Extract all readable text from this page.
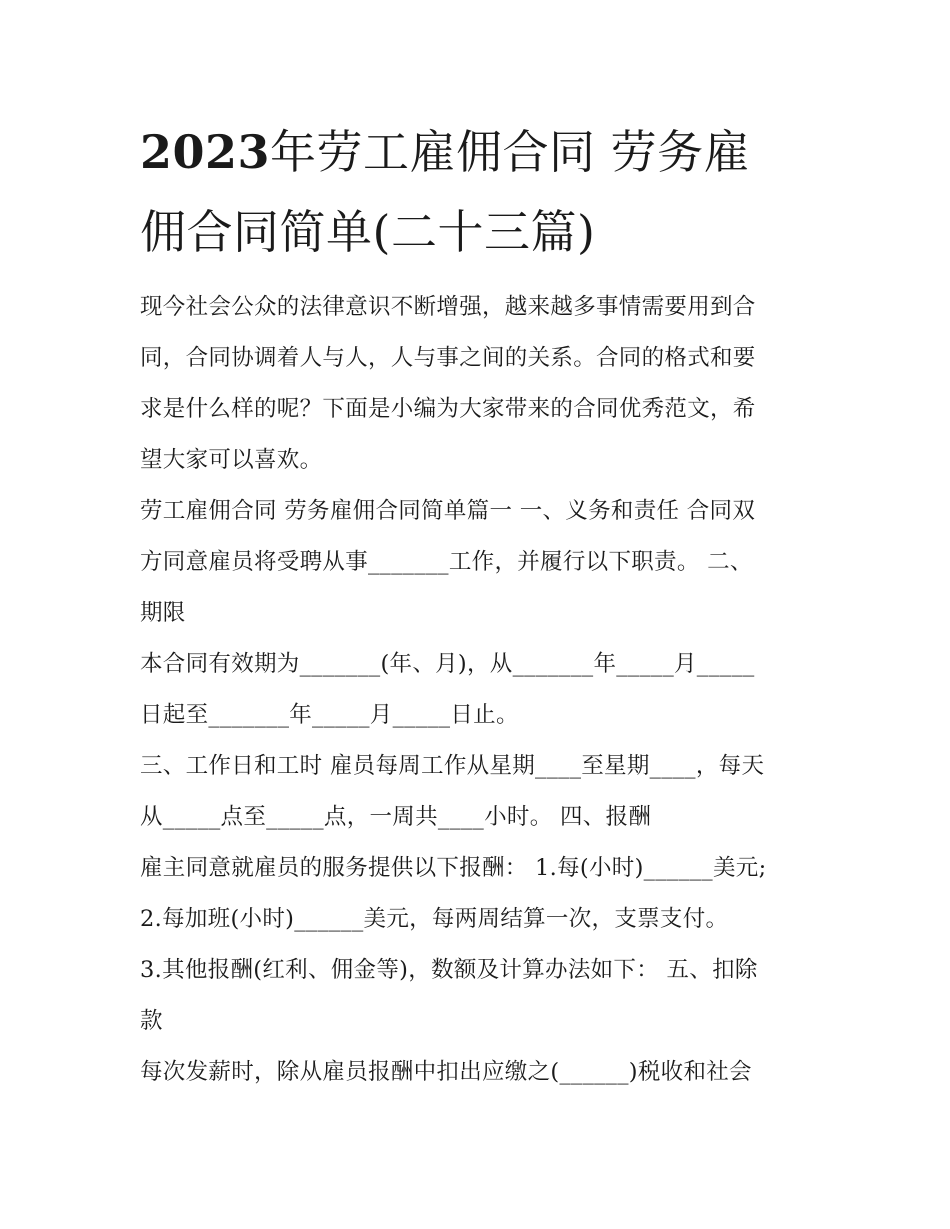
2023年劳工雇佣合同 劳务雇
佣合同简单(二十三篇)
现今社会公众的法律意识不断增强，越来越多事情需要用到合
同，合同协调着人与人，人与事之间的关系。合同的格式和要
求是什么样的呢？下面是小编为大家带来的合同优秀范文，希
望大家可以喜欢。
劳工雇佣合同 劳务雇佣合同简单篇一 一、义务和责任 合同双
方同意雇员将受聘从事_______工作，并履行以下职责。 二、
期限
本合同有效期为_______(年、月)，从_______年_____月_____
日起至_______年_____月_____日止。
三、工作日和工时 雇员每周工作从星期____至星期____，每天
从_____点至_____点，一周共____小时。 四、报酬
雇主同意就雇员的服务提供以下报酬： 1.每(小时)______美元;
2.每加班(小时)______美元，每两周结算一次，支票支付。
3.其他报酬(红利、佣金等)，数额及计算办法如下： 五、扣除
款
每次发薪时，除从雇员报酬中扣出应缴之(______)税收和社会
